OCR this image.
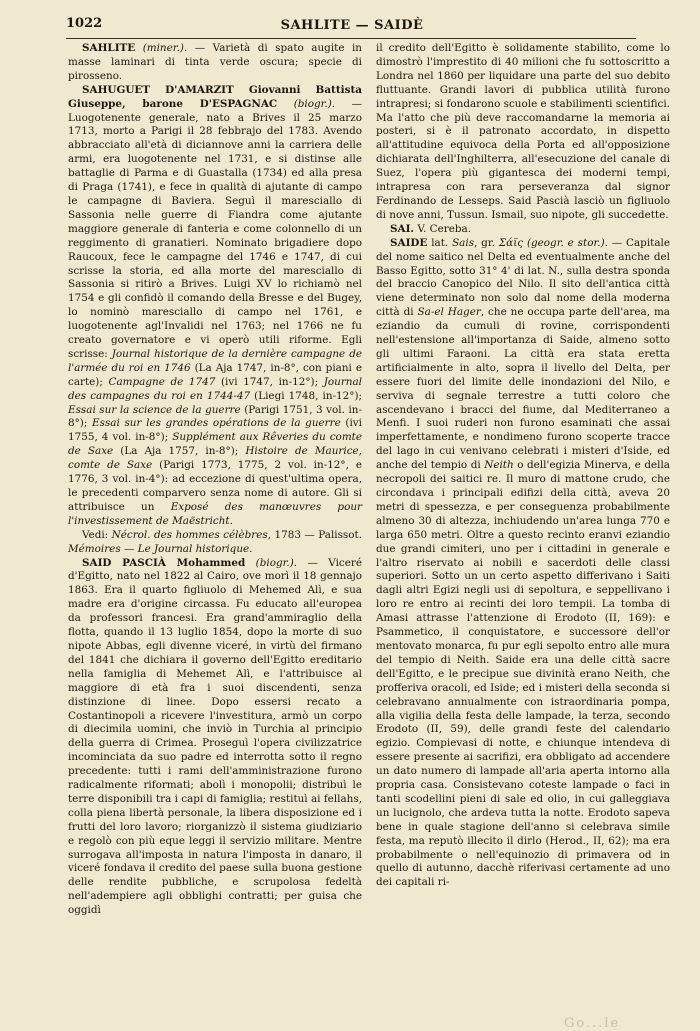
1022	SAHLITE — SAIDÈ

SAHLITE (miner.). — Varietà di spato augite in masse laminari di tinta verde oscura; specie di pirosseno.

SAHUGUET D'AMARZIT Giovanni Battista Giuseppe, barone D'ESPAGNAC (biogr.). — Luogotenente generale, nato a Brives il 25 marzo 1713, morto a Parigi il 28 febbrajo del 1783. Avendo abbracciato all'età di diciannove anni la carriera delle armi, era luogotenente nel 1731, e si distinse alle battaglie di Parma e di Guastalla (1734) ed alla presa di Praga (1741), e fece in qualità di ajutante di campo le campagne di Baviera. Seguì il maresciallo di Sassonia nelle guerre di Fiandra come ajutante maggiore generale di fanteria e come colonnello di un reggimento di granatieri. Nominato brigadiere dopo Raucoux, fece le campagne del 1746 e 1747, di cui scrisse la storia, ed alla morte del maresciallo di Sassonia si ritirò a Brives. Luigi XV lo richiamò nel 1754 e gli confidò il comando della Bresse e del Bugey, lo nominò maresciallo di campo nel 1761, e luogotenente agl'Invalidi nel 1763; nel 1766 ne fu creato governatore e vi operò utili riforme. Egli scrisse: Journal historique de la dernière campagne de l'armée du roi en 1746 (La Aja 1747, in-8°, con piani e carte); Campagne de 1747 (ivi 1747, in-12°); Journal des campagnes du roi en 1744-47 (Liegi 1748, in-12°); Essai sur la science de la guerre (Parigi 1751, 3 vol. in-8°); Essai sur les grandes opérations de la guerre (ivi 1755, 4 vol. in-8°); Supplément aux Rêveries du comte de Saxe (La Aja 1757, in-8°); Histoire de Maurice, comte de Saxe (Parigi 1773, 1775, 2 vol. in-12°, e 1776, 3 vol. in-4°): ad eccezione di quest'ultima opera, le precedenti comparvero senza nome di autore. Gli si attribuisce un Exposé des manœuvres pour l'investissement de Maëstricht.

Vedi: Nécrol. des hommes célèbres, 1783 — Palissot. Mémoires — Le Journal historique.

SAID PASCIÀ Mohammed (biogr.). — Viceré d'Egitto, nato nel 1822 al Cairo, ove morì il 18 gennajo 1863. Era il quarto figliuolo di Mehemed Alì, e sua madre era d'origine circassa. Fu educato all'europea da professori francesi. Era grand'ammiraglio della flotta, quando il 13 luglio 1854, dopo la morte di suo nipote Abbas, egli divenne viceré, in virtù del firmano del 1841 che dichiara il governo dell'Egitto ereditario nella famiglia di Mehemet Alì, e l'attribuisce al maggiore di età fra i suoi discendenti, senza distinzione di linee. Dopo essersi recato a Costantinopoli a ricevere l'investitura, armò un corpo di diecimila uomini, che inviò in Turchia al principio della guerra di Crimea. Proseguì l'opera civilizzatrice incominciata da suo padre ed interrotta sotto il regno precedente: tutti i rami dell'amministrazione furono radicalmente riformati; abolì i monopolii; distribuì le terre disponibili tra i capi di famiglia; restituì ai fellahs, colla piena libertà personale, la libera disposizione ed i frutti del loro lavoro; riorganizzò il sistema giudiziario e regolò con più eque leggi il servizio militare. Mentre surrogava all'imposta in natura l'imposta in danaro, il viceré fondava il credito del paese sulla buona gestione delle rendite pubbliche, e scrupolosa fedeltà nell'adempiere agli obblighi contratti; per guisa che oggidì

il credito dell'Egitto è solidamente stabilito, come lo dimostrò l'imprestito di 40 milioni che fu sottoscritto a Londra nel 1860 per liquidare una parte del suo debito fluttuante. Grandi lavori di pubblica utilità furono intrapresi; si fondarono scuole e stabilimenti scientifici. Ma l'atto che più deve raccomandarne la memoria ai posteri, si è il patronato accordato, in dispetto all'attitudine equivoca della Porta ed all'opposizione dichiarata dell'Inghilterra, all'esecuzione del canale di Suez, l'opera più gigantesca dei moderni tempi, intrapresa con rara perseveranza dal signor Ferdinando de Lesseps. Said Pascià lasciò un figliuolo di nove anni, Tussun. Ismail, suo nipote, gli succedette.

SAI. V. Cereba.

SAIDE lat. Sais, gr. Σάϊς (geogr. e stor.). — Capitale del nome saitico nel Delta ed eventualmente anche del Basso Egitto, sotto 31° 4' di lat. N., sulla destra sponda del braccio Canopico del Nilo. Il sito dell'antica città viene determinato non solo dal nome della moderna città di Sa-el Hager, che ne occupa parte dell'area, ma eziandio da cumuli di rovine, corrispondenti nell'estensione all'importanza di Saide, almeno sotto gli ultimi Faraoni. La città era stata eretta artificialmente in alto, sopra il livello del Delta, per essere fuori del limite delle inondazioni del Nilo, e serviva di segnale terrestre a tutti coloro che ascendevano i bracci del fiume, dal Mediterraneo a Menfi. I suoi ruderi non furono esaminati che assai imperfettamente, e nondimeno furono scoperte tracce del lago in cui venivano celebrati i misteri d'Iside, ed anche del tempio di Neith o dell'egizia Minerva, e della necropoli dei saitici re. Il muro di mattone crudo, che circondava i principali edifizi della città, aveva 20 metri di spessezza, e per conseguenza probabilmente almeno 30 di altezza, inchiudendo un'area lunga 770 e larga 650 metri. Oltre a questo recinto eranvi eziandio due grandi cimiteri, uno per i cittadini in generale e l'altro riservato ai nobili e sacerdoti delle classi superiori. Sotto un un certo aspetto differivano i Saiti dagli altri Egizi negli usi di sepoltura, e seppellivano i loro re entro ai recinti dei loro tempii. La tomba di Amasi attrasse l'attenzione di Erodoto (II, 169): e Psammetico, il conquistatore, e successore dell'or mentovato monarca, fu pur egli sepolto entro alle mura del tempio di Neith. Saide era una delle città sacre dell'Egitto, e le precipue sue divinità erano Neith, che profferiva oracoli, ed Iside; ed i misteri della seconda si celebravano annualmente con istraordinaria pompa, alla vigilia della festa delle lampade, la terza, secondo Erodoto (II, 59), delle grandi feste del calendario egizio. Compievasi di notte, e chiunque intendeva di essere presente ai sacrifizi, era obbligato ad accendere un dato numero di lampade all'aria aperta intorno alla propria casa. Consistevano coteste lampade o faci in tanti scodellini pieni di sale ed olio, in cui galleggiava un lucignolo, che ardeva tutta la notte. Erodoto sapeva bene in quale stagione dell'anno si celebrava simile festa, ma reputò illecito il dirlo (Herod., II, 62); ma era probabilmente o nell'equinozio di primavera od in quello di autunno, dacchè riferivasi certamente ad uno dei capitali ri-

Go...le
